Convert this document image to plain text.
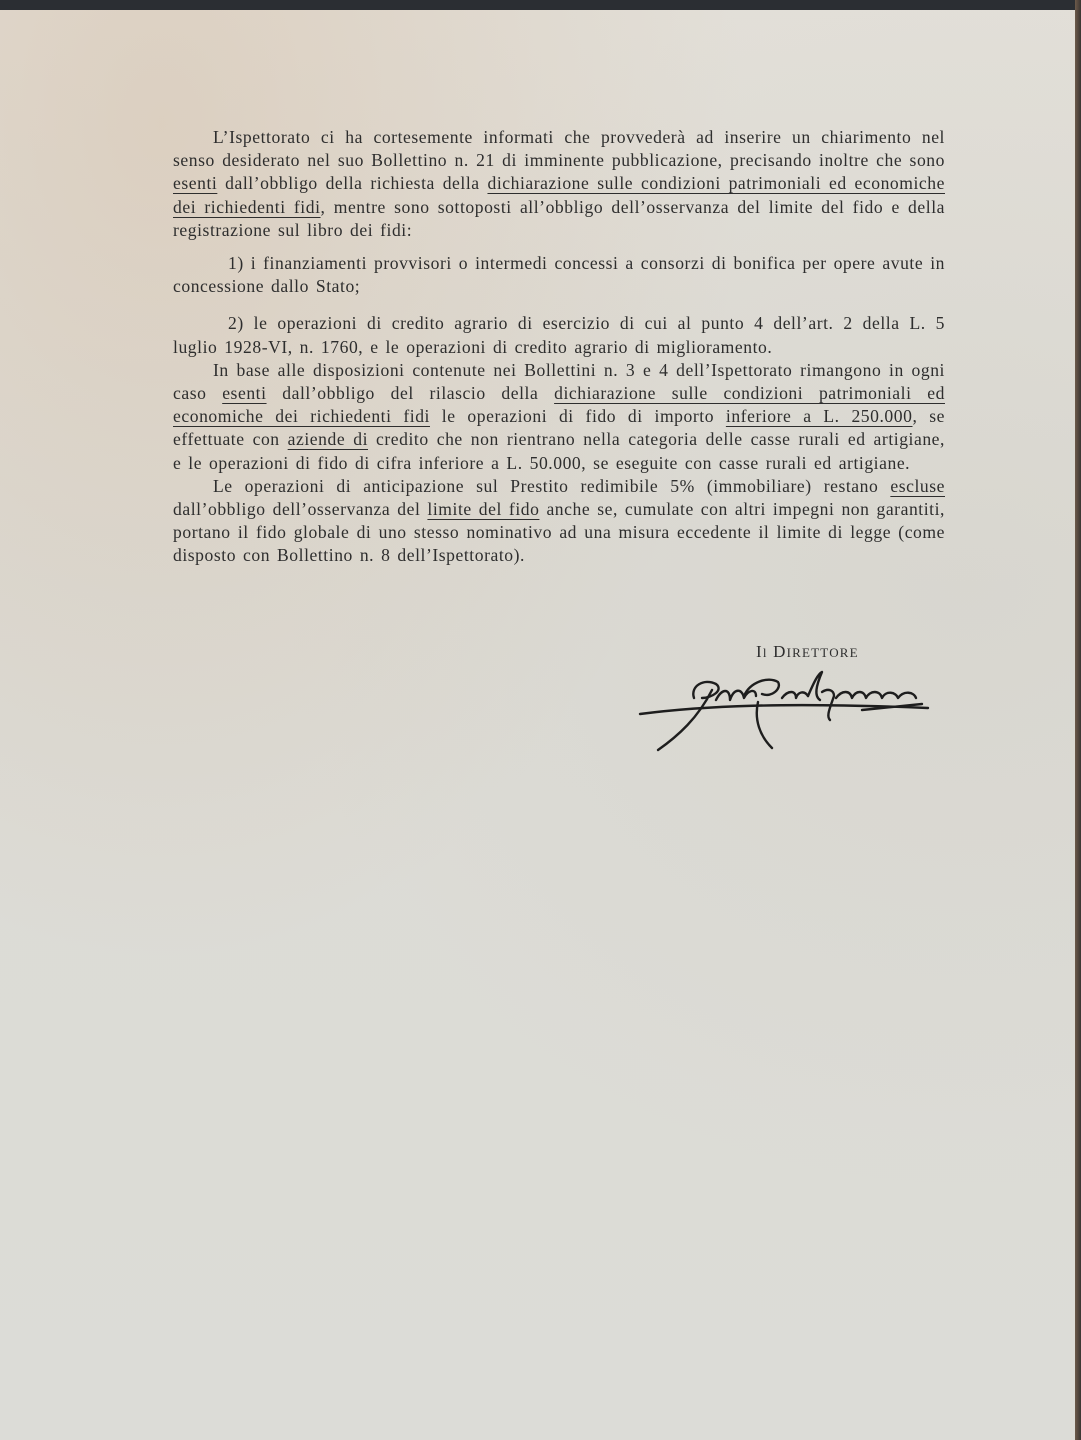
L’Ispettorato ci ha cortesemente informati che provvederà ad inserire un chiarimento nel senso desiderato nel suo Bollettino n. 21 di imminente pubblicazione, precisando inoltre che sono esenti dall’obbligo della richiesta della dichiarazione sulle condizioni patrimoniali ed economiche dei richiedenti fidi, mentre sono sottoposti all’obbligo dell’osservanza del limite del fido e della registrazione sul libro dei fidi:

1) i finanziamenti provvisori o intermedi concessi a consorzi di bonifica per opere avute in concessione dallo Stato;

2) le operazioni di credito agrario di esercizio di cui al punto 4 dell’art. 2 della L. 5 luglio 1928-VI, n. 1760, e le operazioni di credito agrario di miglioramento.

In base alle disposizioni contenute nei Bollettini n. 3 e 4 dell’Ispettorato rimangono in ogni caso esenti dall’obbligo del rilascio della dichiarazione sulle condizioni patrimoniali ed economiche dei richiedenti fidi le operazioni di fido di importo inferiore a L. 250.000, se effettuate con aziende di credito che non rientrano nella categoria delle casse rurali ed artigiane, e le operazioni di fido di cifra inferiore a L. 50.000, se eseguite con casse rurali ed artigiane.

Le operazioni di anticipazione sul Prestito redimibile 5% (immobiliare) restano escluse dall’obbligo dell’osservanza del limite del fido anche se, cumulate con altri impegni non garantiti, portano il fido globale di uno stesso nominativo ad una misura eccedente il limite di legge (come disposto con Bollettino n. 8 dell’Ispettorato).

Il DIRETTORE
